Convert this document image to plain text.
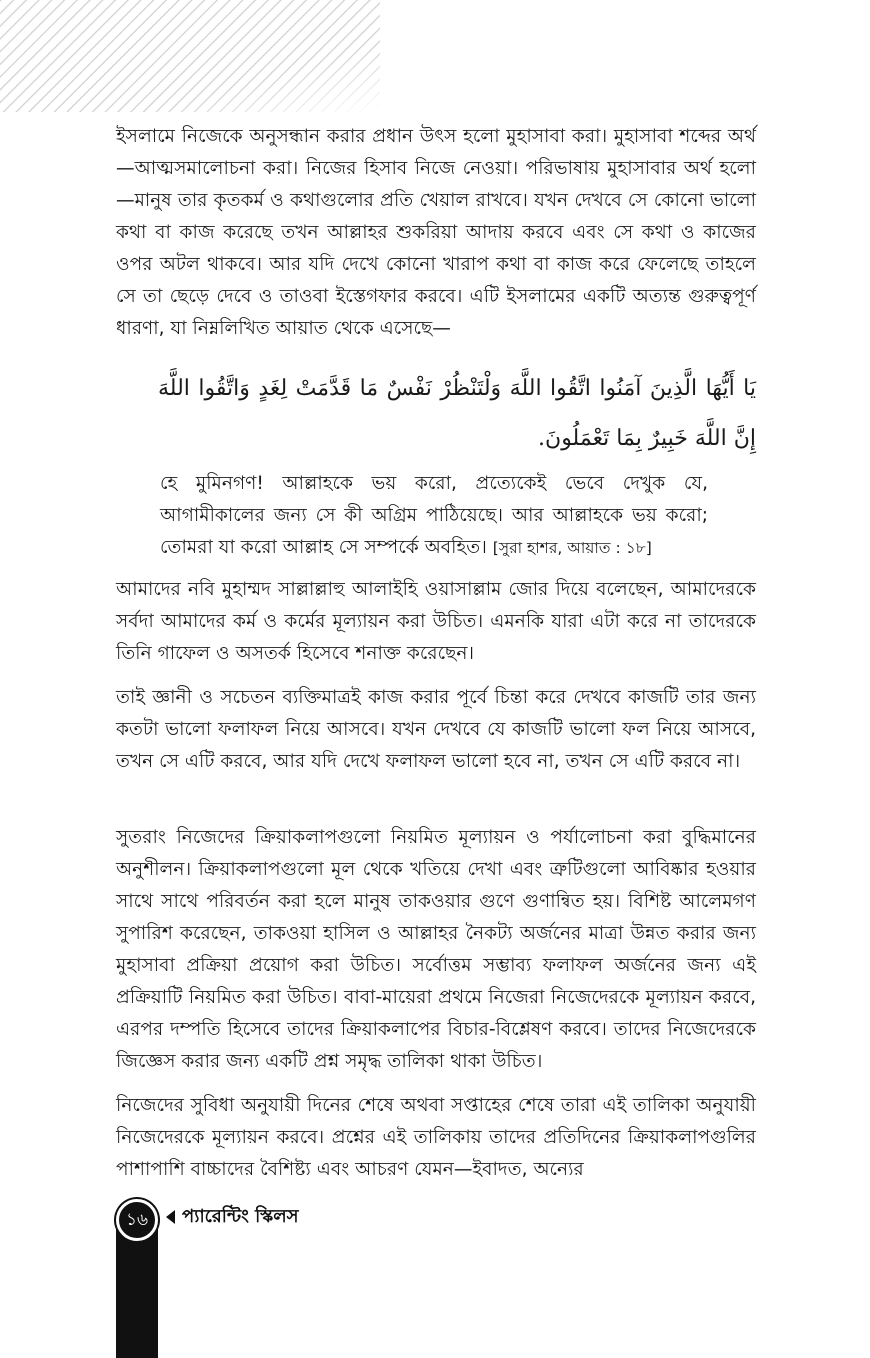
ইসলামে নিজেকে অনুসন্ধান করার প্রধান উৎস হলো মুহাসাবা করা। মুহাসাবা শব্দের অর্থ—আত্মসমালোচনা করা। নিজের হিসাব নিজে নেওয়া। পরিভাষায় মুহাসাবার অর্থ হলো—মানুষ তার কৃতকর্ম ও কথাগুলোর প্রতি খেয়াল রাখবে। যখন দেখবে সে কোনো ভালো কথা বা কাজ করেছে তখন আল্লাহর শুকরিয়া আদায় করবে এবং সে কথা ও কাজের ওপর অটল থাকবে। আর যদি দেখে কোনো খারাপ কথা বা কাজ করে ফেলেছে তাহলে সে তা ছেড়ে দেবে ও তাওবা ইস্তেগফার করবে। এটি ইসলামের একটি অত্যন্ত গুরুত্বপূর্ণ ধারণা, যা নিম্নলিখিত আয়াত থেকে এসেছে—

يَا أَيُّهَا الَّذِينَ آمَنُوا اتَّقُوا اللَّهَ وَلْتَنْظُرْ نَفْسٌ مَا قَدَّمَتْ لِغَدٍ وَاتَّقُوا اللَّهَ

إِنَّ اللَّهَ خَبِيرٌ بِمَا تَعْمَلُونَ.

হে মুমিনগণ! আল্লাহকে ভয় করো, প্রত্যেকেই ভেবে দেখুক যে, আগামীকালের জন্য সে কী অগ্রিম পাঠিয়েছে। আর আল্লাহকে ভয় করো; তোমরা যা করো আল্লাহ সে সম্পর্কে অবহিত। [সুরা হাশর, আয়াত : ১৮]

আমাদের নবি মুহাম্মদ সাল্লাল্লাহু আলাইহি ওয়াসাল্লাম জোর দিয়ে বলেছেন, আমাদেরকে সর্বদা আমাদের কর্ম ও কর্মের মূল্যায়ন করা উচিত। এমনকি যারা এটা করে না তাদেরকে তিনি গাফেল ও অসতর্ক হিসেবে শনাক্ত করেছেন।

তাই জ্ঞানী ও সচেতন ব্যক্তিমাত্রই কাজ করার পূর্বে চিন্তা করে দেখবে কাজটি তার জন্য কতটা ভালো ফলাফল নিয়ে আসবে। যখন দেখবে যে কাজটি ভালো ফল নিয়ে আসবে, তখন সে এটি করবে, আর যদি দেখে ফলাফল ভালো হবে না, তখন সে এটি করবে না।

সুতরাং নিজেদের ক্রিয়াকলাপগুলো নিয়মিত মূল্যায়ন ও পর্যালোচনা করা বুদ্ধিমানের অনুশীলন। ক্রিয়াকলাপগুলো মূল থেকে খতিয়ে দেখা এবং ত্রুটিগুলো আবিষ্কার হওয়ার সাথে সাথে পরিবর্তন করা হলে মানুষ তাকওয়ার গুণে গুণান্বিত হয়। বিশিষ্ট আলেমগণ সুপারিশ করেছেন, তাকওয়া হাসিল ও আল্লাহর নৈকট্য অর্জনের মাত্রা উন্নত করার জন্য মুহাসাবা প্রক্রিয়া প্রয়োগ করা উচিত। সর্বোত্তম সম্ভাব্য ফলাফল অর্জনের জন্য এই প্রক্রিয়াটি নিয়মিত করা উচিত। বাবা-মায়েরা প্রথমে নিজেরা নিজেদেরকে মূল্যায়ন করবে, এরপর দম্পতি হিসেবে তাদের ক্রিয়াকলাপের বিচার-বিশ্লেষণ করবে। তাদের নিজেদেরকে জিজ্ঞেস করার জন্য একটি প্রশ্ন সমৃদ্ধ তালিকা থাকা উচিত।

নিজেদের সুবিধা অনুযায়ী দিনের শেষে অথবা সপ্তাহের শেষে তারা এই তালিকা অনুযায়ী নিজেদেরকে মূল্যায়ন করবে। প্রশ্নের এই তালিকায় তাদের প্রতিদিনের ক্রিয়াকলাপগুলির পাশাপাশি বাচ্চাদের বৈশিষ্ট্য এবং আচরণ যেমন—ইবাদত, অন্যের

১৬	প্যারেন্টিং স্কিলস
